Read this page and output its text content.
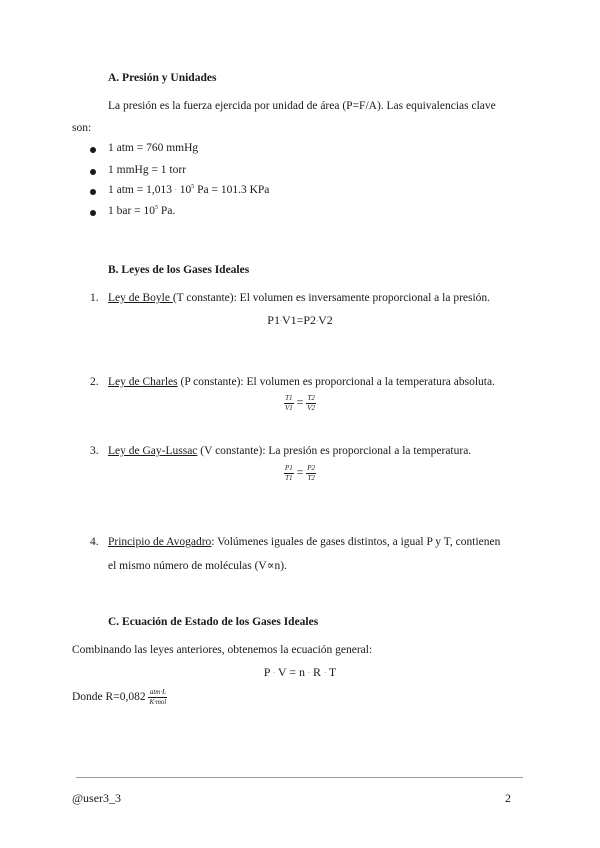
A. Presión y Unidades
La presión es la fuerza ejercida por unidad de área (P=F/A). Las equivalencias clave
son:
1 atm = 760 mmHg
1 mmHg = 1 torr
1 atm = $1,013 \cdot 10^5$ Pa = 101.3 KPa
1 bar = $10^5$ Pa.
B. Leyes de los Gases Ideales
1. Ley de Boyle (T constante): El volumen es inversamente proporcional a la presión.
P1·V1=P2·V2
2. Ley de Charles (P constante): El volumen es proporcional a la temperatura absoluta.
$\frac{T1}{V1} = \frac{T2}{V2}$
3. Ley de Gay-Lussac (V constante): La presión es proporcional a la temperatura.
$\frac{P1}{T1} = \frac{P2}{T2}$
4. Principio de Avogadro: Volúmenes iguales de gases distintos, a igual P y T, contienen
el mismo número de moléculas (V∝n).
C. Ecuación de Estado de los Gases Ideales
Combinando las leyes anteriores, obtenemos la ecuación general:
P · V = n · R · T
Donde $R=0,082 \frac{\text{atm·L}}{\text{K·mol}}$
@user3_3	2
